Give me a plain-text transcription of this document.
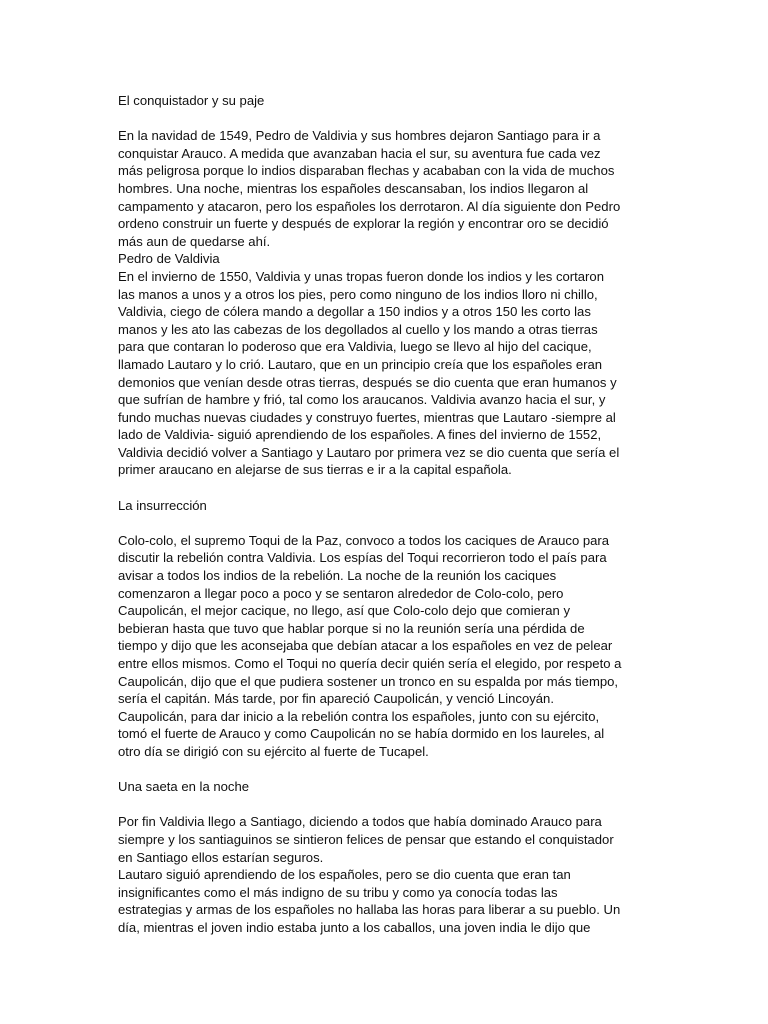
El conquistador y su paje

En la navidad de 1549, Pedro de Valdivia y sus hombres dejaron Santiago para ir a

conquistar Arauco. A medida que avanzaban hacia el sur, su aventura fue cada vez

más peligrosa porque lo indios disparaban flechas y acababan con la vida de muchos

hombres. Una noche, mientras los españoles descansaban, los indios llegaron al

campamento y atacaron, pero los españoles los derrotaron. Al día siguiente don Pedro

ordeno construir un fuerte y después de explorar la región y encontrar oro se decidió

más aun de quedarse ahí.

Pedro de Valdivia

En el invierno de 1550, Valdivia y unas tropas fueron donde los indios y les cortaron

las manos a unos y a otros los pies, pero como ninguno de los indios lloro ni chillo,

Valdivia, ciego de cólera mando a degollar a 150 indios y a otros 150 les corto las

manos y les ato las cabezas de los degollados al cuello y los mando a otras tierras

para que contaran lo poderoso que era Valdivia, luego se llevo al hijo del cacique,

llamado Lautaro y lo crió. Lautaro, que en un principio creía que los españoles eran

demonios que venían desde otras tierras, después se dio cuenta que eran humanos y

que sufrían de hambre y frió, tal como los araucanos. Valdivia avanzo hacia el sur, y

fundo muchas nuevas ciudades y construyo fuertes, mientras que Lautaro -siempre al

lado de Valdivia- siguió aprendiendo de los españoles. A fines del invierno de 1552,

Valdivia decidió volver a Santiago y Lautaro por primera vez se dio cuenta que sería el

primer araucano en alejarse de sus tierras e ir a la capital española.

La insurrección

Colo-colo, el supremo Toqui de la Paz, convoco a todos los caciques de Arauco para

discutir la rebelión contra Valdivia. Los espías del Toqui recorrieron todo el país para

avisar a todos los indios de la rebelión. La noche de la reunión los caciques

comenzaron a llegar poco a poco y se sentaron alrededor de Colo-colo, pero

Caupolicán, el mejor cacique, no llego, así que Colo-colo dejo que comieran y

bebieran hasta que tuvo que hablar porque si no la reunión sería una pérdida de

tiempo y dijo que les aconsejaba que debían atacar a los españoles en vez de pelear

entre ellos mismos. Como el Toqui no quería decir quién sería el elegido, por respeto a

Caupolicán, dijo que el que pudiera sostener un tronco en su espalda por más tiempo,

sería el capitán. Más tarde, por fin apareció Caupolicán, y venció Lincoyán.

Caupolicán, para dar inicio a la rebelión contra los españoles, junto con su ejército,

tomó el fuerte de Arauco y como Caupolicán no se había dormido en los laureles, al

otro día se dirigió con su ejército al fuerte de Tucapel.

Una saeta en la noche

Por fin Valdivia llego a Santiago, diciendo a todos que había dominado Arauco para

siempre y los santiaguinos se sintieron felices de pensar que estando el conquistador

en Santiago ellos estarían seguros.

Lautaro siguió aprendiendo de los españoles, pero se dio cuenta que eran tan

insignificantes como el más indigno de su tribu y como ya conocía todas las

estrategias y armas de los españoles no hallaba las horas para liberar a su pueblo. Un

día, mientras el joven indio estaba junto a los caballos, una joven india le dijo que
